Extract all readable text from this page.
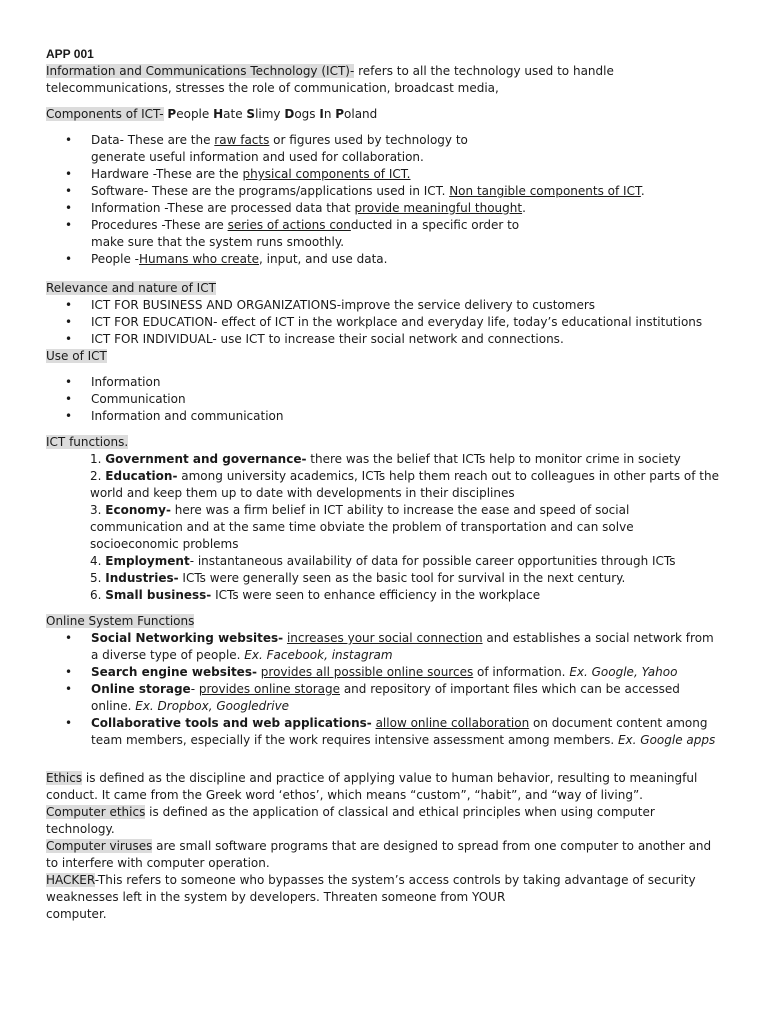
APP 001

Information and Communications Technology (ICT)- refers to all the technology used to handle telecommunications, stresses the role of communication, broadcast media,

Components of ICT- People Hate Slimy Dogs In Poland

• Data- These are the raw facts or figures used by technology to generate useful information and used for collaboration.
• Hardware -These are the physical components of ICT.
• Software- These are the programs/applications used in ICT. Non tangible components of ICT.
• Information -These are processed data that provide meaningful thought.
• Procedures -These are series of actions conducted in a specific order to make sure that the system runs smoothly.
• People -Humans who create, input, and use data.

Relevance and nature of ICT

• ICT FOR BUSINESS AND ORGANIZATIONS-improve the service delivery to customers
• ICT FOR EDUCATION- effect of ICT in the workplace and everyday life, today’s educational institutions
• ICT FOR INDIVIDUAL- use ICT to increase their social network and connections.

Use of ICT

• Information
• Communication
• Information and communication

ICT functions.

1. Government and governance- there was the belief that ICTs help to monitor crime in society
2. Education- among university academics, ICTs help them reach out to colleagues in other parts of the world and keep them up to date with developments in their disciplines
3. Economy- here was a firm belief in ICT ability to increase the ease and speed of social communication and at the same time obviate the problem of transportation and can solve socioeconomic problems
4. Employment- instantaneous availability of data for possible career opportunities through ICTs
5. Industries- ICTs were generally seen as the basic tool for survival in the next century.
6. Small business- ICTs were seen to enhance efficiency in the workplace

Online System Functions

• Social Networking websites- increases your social connection and establishes a social network from a diverse type of people. Ex. Facebook, instagram
• Search engine websites- provides all possible online sources of information. Ex. Google, Yahoo
• Online storage- provides online storage and repository of important files which can be accessed online. Ex. Dropbox, Googledrive
• Collaborative tools and web applications- allow online collaboration on document content among team members, especially if the work requires intensive assessment among members. Ex. Google apps

Ethics is defined as the discipline and practice of applying value to human behavior, resulting to meaningful conduct. It came from the Greek word ‘ethos’, which means “custom”, “habit”, and “way of living”.

Computer ethics is defined as the application of classical and ethical principles when using computer technology.

Computer viruses are small software programs that are designed to spread from one computer to another and to interfere with computer operation.

HACKER-This refers to someone who bypasses the system’s access controls by taking advantage of security weaknesses left in the system by developers. Threaten someone from YOUR

computer.
